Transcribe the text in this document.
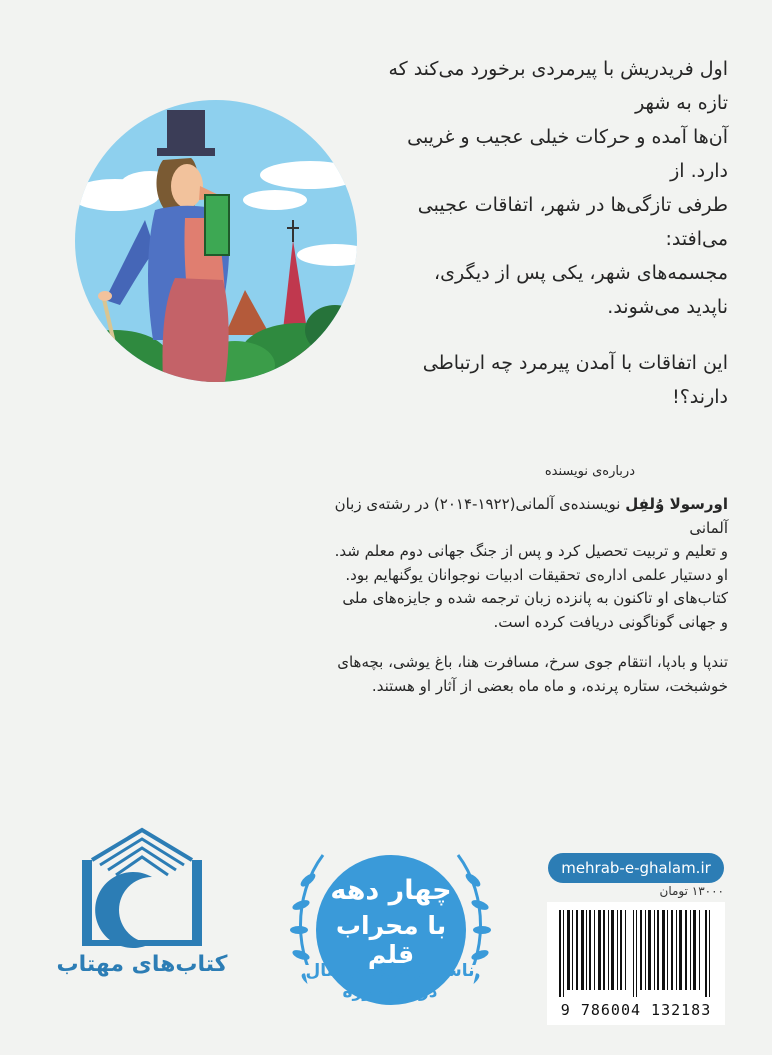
اول فریدریش با پیرمردی برخورد می‌کند که تازه به شهر

آن‌ها آمده و حرکات خیلی عجیب و غریبی دارد. از

طرفی تازگی‌ها در شهر، اتفاقات عجیبی می‌افتد:

مجسمه‌های شهر، یکی پس از دیگری،

ناپدید می‌شوند.

این اتفاقات با آمدن پیرمرد چه ارتباطی

دارند؟!

درباره‌ی نویسنده

اورسولا وُلفِل نویسنده‌ی آلمانی(۱۹۲۲-۲۰۱۴) در رشته‌ی زبان آلمانی

و تعلیم و تربیت تحصیل کرد و پس از جنگ جهانی دوم معلم شد.

او دستیار علمی اداره‌ی تحقیقات ادبیات نوجوانان یوگنهایم بود.

کتاب‌های او تاکنون به پانزده زبان ترجمه شده و جایزه‌های ملی

و جهانی گوناگونی دریافت کرده است.

تندپا و بادپا، انتقام جوی سرخ، مسافرت هنا، باغ یوشی، بچه‌های

خوشبخت، ستاره پرنده، و ماه ماه بعضی از آثار او هستند.

کتاب‌های مهتاب
چهار دهه
با محراب قلم
ناشر برگزیده‌ی سال
در پنج دوره
mehrab-e-ghalam.ir
۱۳۰۰۰ تومان
9 786004 132183
